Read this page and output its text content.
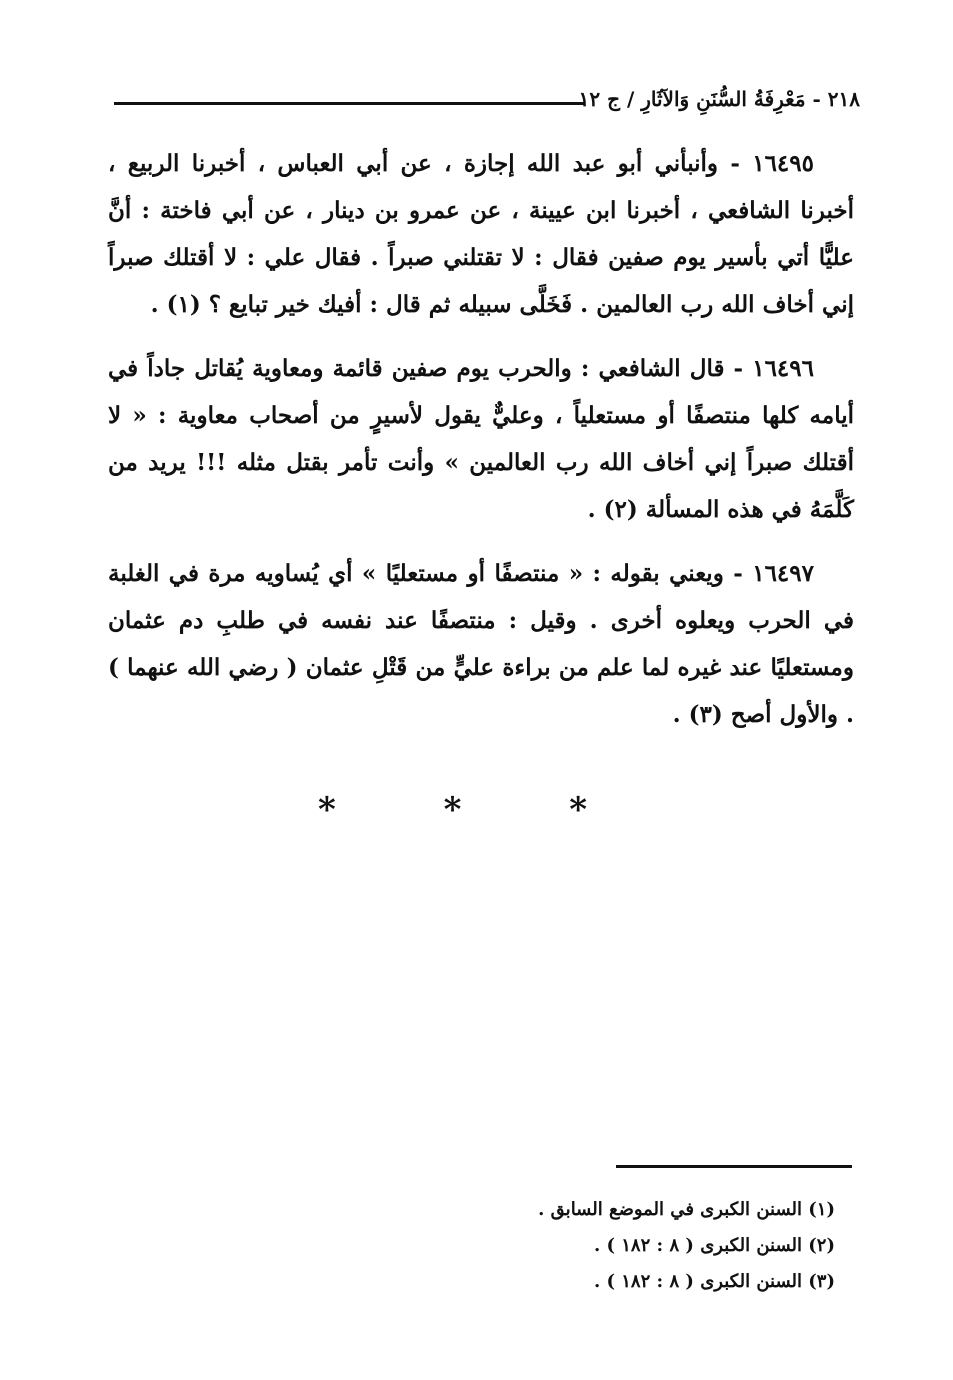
٢١٨ - مَعْرِفَةُ السُّنَنِ وَالآثَارِ / ج ١٢

١٦٤٩٥ - وأنبأني أبو عبد الله إجازة ، عن أبي العباس ، أخبرنا الربيع ، أخبرنا الشافعي ، أخبرنا ابن عيينة ، عن عمرو بن دينار ، عن أبي فاختة : أنَّ عليًّا أتي بأسير يوم صفين فقال : لا تقتلني صبراً . فقال علي : لا أقتلك صبراً إني أخاف الله رب العالمين . فَخَلَّى سبيله ثم قال : أفيك خير تبايع ؟ (١) .

١٦٤٩٦ - قال الشافعي : والحرب يوم صفين قائمة ومعاوية يُقاتل جاداً في أيامه كلها منتصفًا أو مستعلياً ، وعليٌّ يقول لأسيرٍ من أصحاب معاوية : « لا أقتلك صبراً إني أخاف الله رب العالمين » وأنت تأمر بقتل مثله !!! يريد من كَلَّمَهُ في هذه المسألة (٢) .

١٦٤٩٧ - ويعني بقوله : « منتصفًا أو مستعليًا » أي يُساويه مرة في الغلبة في الحرب ويعلوه أخرى . وقيل : منتصفًا عند نفسه في طلبِ دم عثمان ومستعليًا عند غيره لما علم من براءة عليٍّ من قَتْلِ عثمان ( رضي الله عنهما ) . والأول أصح (٣) .

* * *
(١) السنن الكبرى في الموضع السابق .
(٢) السنن الكبرى ( ٨ : ١٨٢ ) .
(٣) السنن الكبرى ( ٨ : ١٨٢ ) .
